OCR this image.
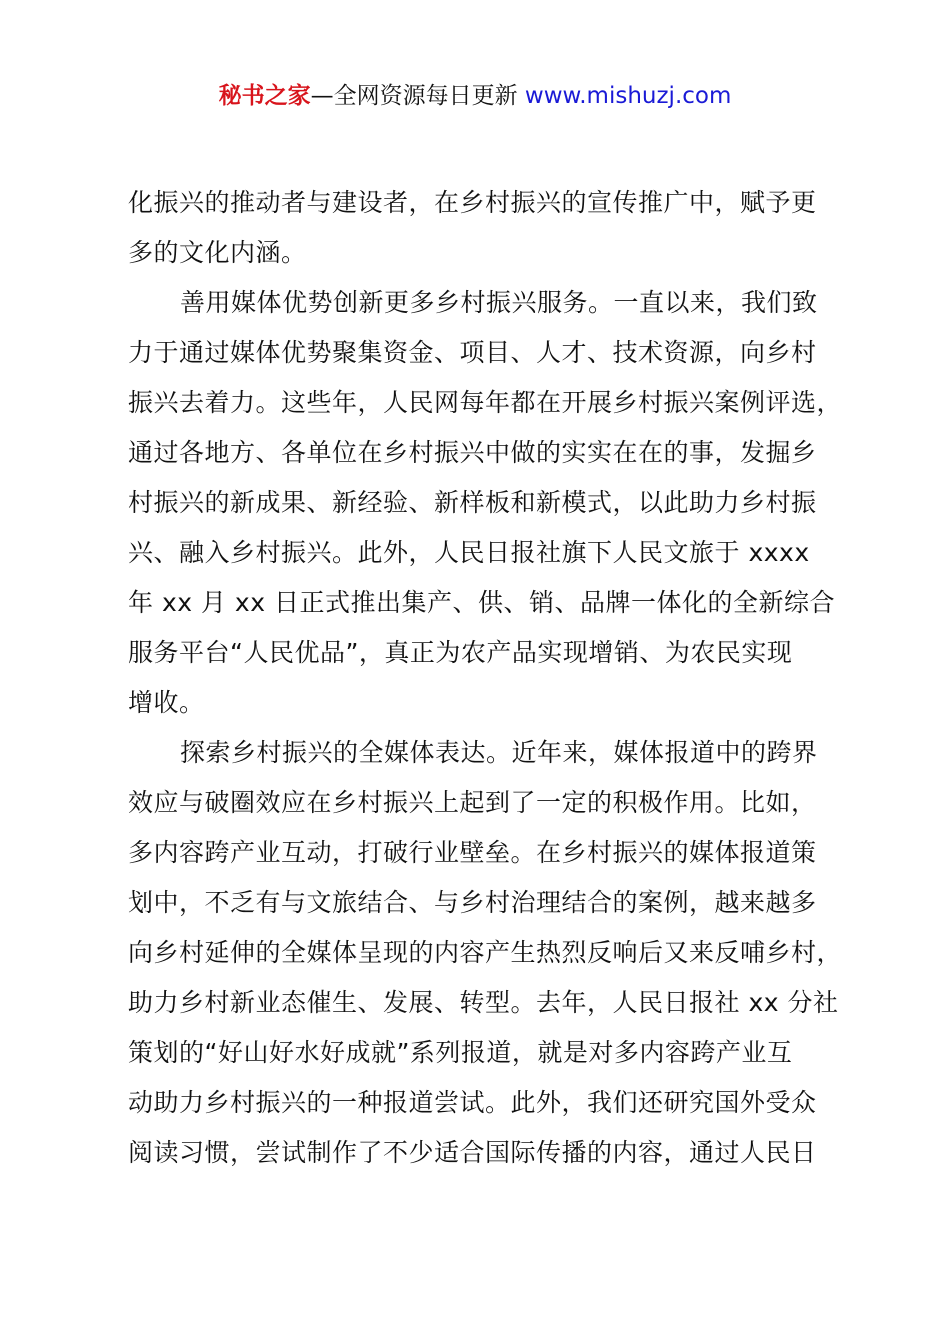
秘书之家—全网资源每日更新 www.mishuzj.com
化振兴的推动者与建设者，在乡村振兴的宣传推广中，赋予更
多的文化内涵。
善用媒体优势创新更多乡村振兴服务。一直以来，我们致
力于通过媒体优势聚集资金、项目、人才、技术资源，向乡村
振兴去着力。这些年，人民网每年都在开展乡村振兴案例评选，
通过各地方、各单位在乡村振兴中做的实实在在的事，发掘乡
村振兴的新成果、新经验、新样板和新模式，以此助力乡村振
兴、融入乡村振兴。此外，人民日报社旗下人民文旅于 xxxx
年 xx 月 xx 日正式推出集产、供、销、品牌一体化的全新综合
服务平台“人民优品”，真正为农产品实现增销、为农民实现
增收。
探索乡村振兴的全媒体表达。近年来，媒体报道中的跨界
效应与破圈效应在乡村振兴上起到了一定的积极作用。比如，
多内容跨产业互动，打破行业壁垒。在乡村振兴的媒体报道策
划中，不乏有与文旅结合、与乡村治理结合的案例，越来越多
向乡村延伸的全媒体呈现的内容产生热烈反响后又来反哺乡村，
助力乡村新业态催生、发展、转型。去年，人民日报社 xx 分社
策划的“好山好水好成就”系列报道，就是对多内容跨产业互
动助力乡村振兴的一种报道尝试。此外，我们还研究国外受众
阅读习惯，尝试制作了不少适合国际传播的内容，通过人民日
